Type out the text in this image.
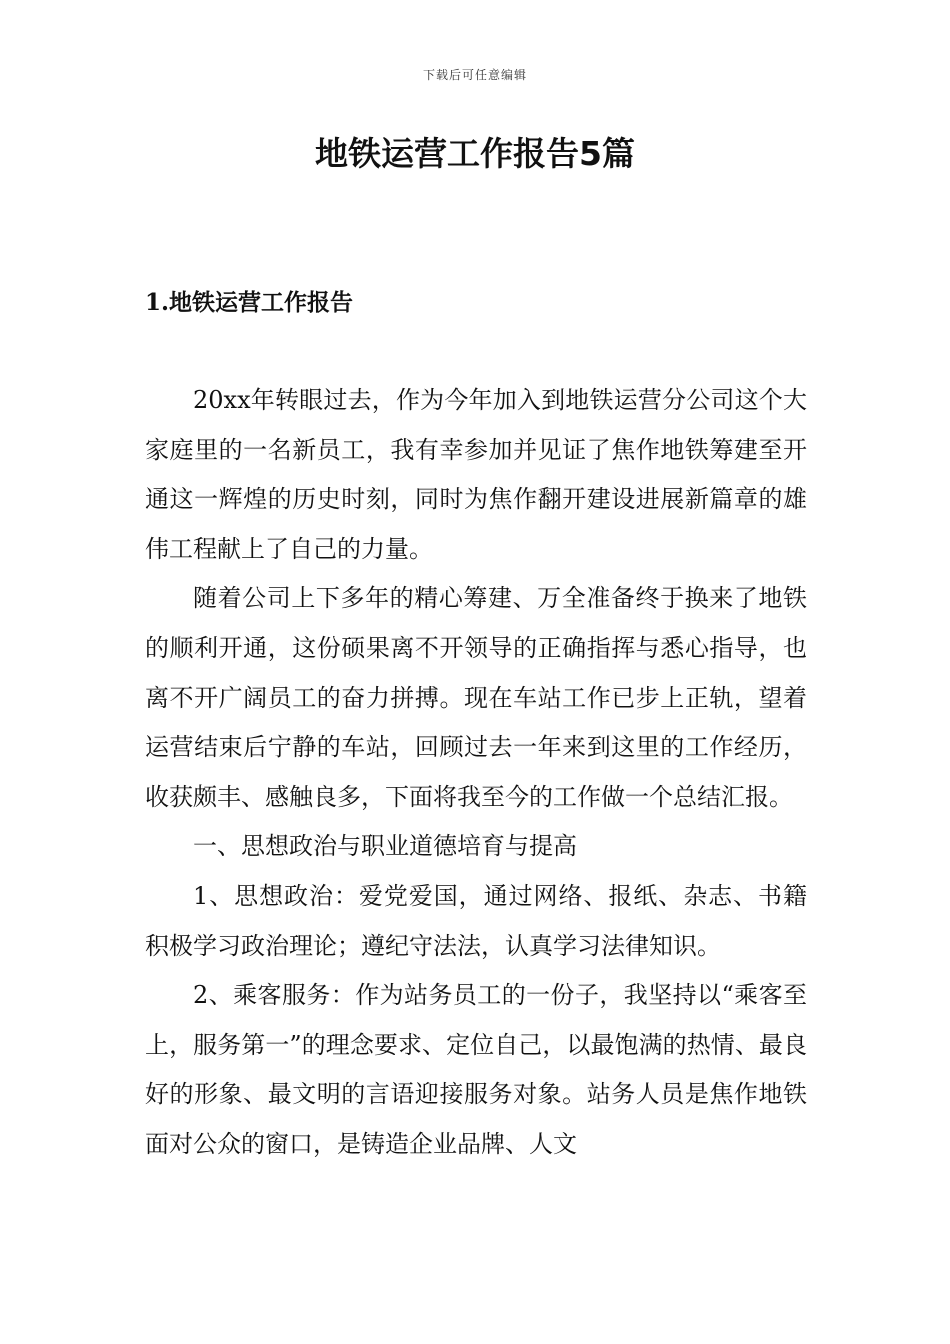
下载后可任意编辑
地铁运营工作报告5篇
1.地铁运营工作报告

20xx年转眼过去，作为今年加入到地铁运营分公司这个大家庭里的一名新员工，我有幸参加并见证了焦作地铁筹建至开通这一辉煌的历史时刻，同时为焦作翻开建设进展新篇章的雄伟工程献上了自己的力量。

随着公司上下多年的精心筹建、万全准备终于换来了地铁的顺利开通，这份硕果离不开领导的正确指挥与悉心指导，也离不开广阔员工的奋力拼搏。现在车站工作已步上正轨，望着运营结束后宁静的车站，回顾过去一年来到这里的工作经历，收获颇丰、感触良多，下面将我至今的工作做一个总结汇报。

一、思想政治与职业道德培育与提高

1、思想政治：爱党爱国，通过网络、报纸、杂志、书籍积极学习政治理论；遵纪守法法，认真学习法律知识。

2、乘客服务：作为站务员工的一份子，我坚持以“乘客至上，服务第一”的理念要求、定位自己，以最饱满的热情、最良好的形象、最文明的言语迎接服务对象。站务人员是焦作地铁面对公众的窗口，是铸造企业品牌、人文
